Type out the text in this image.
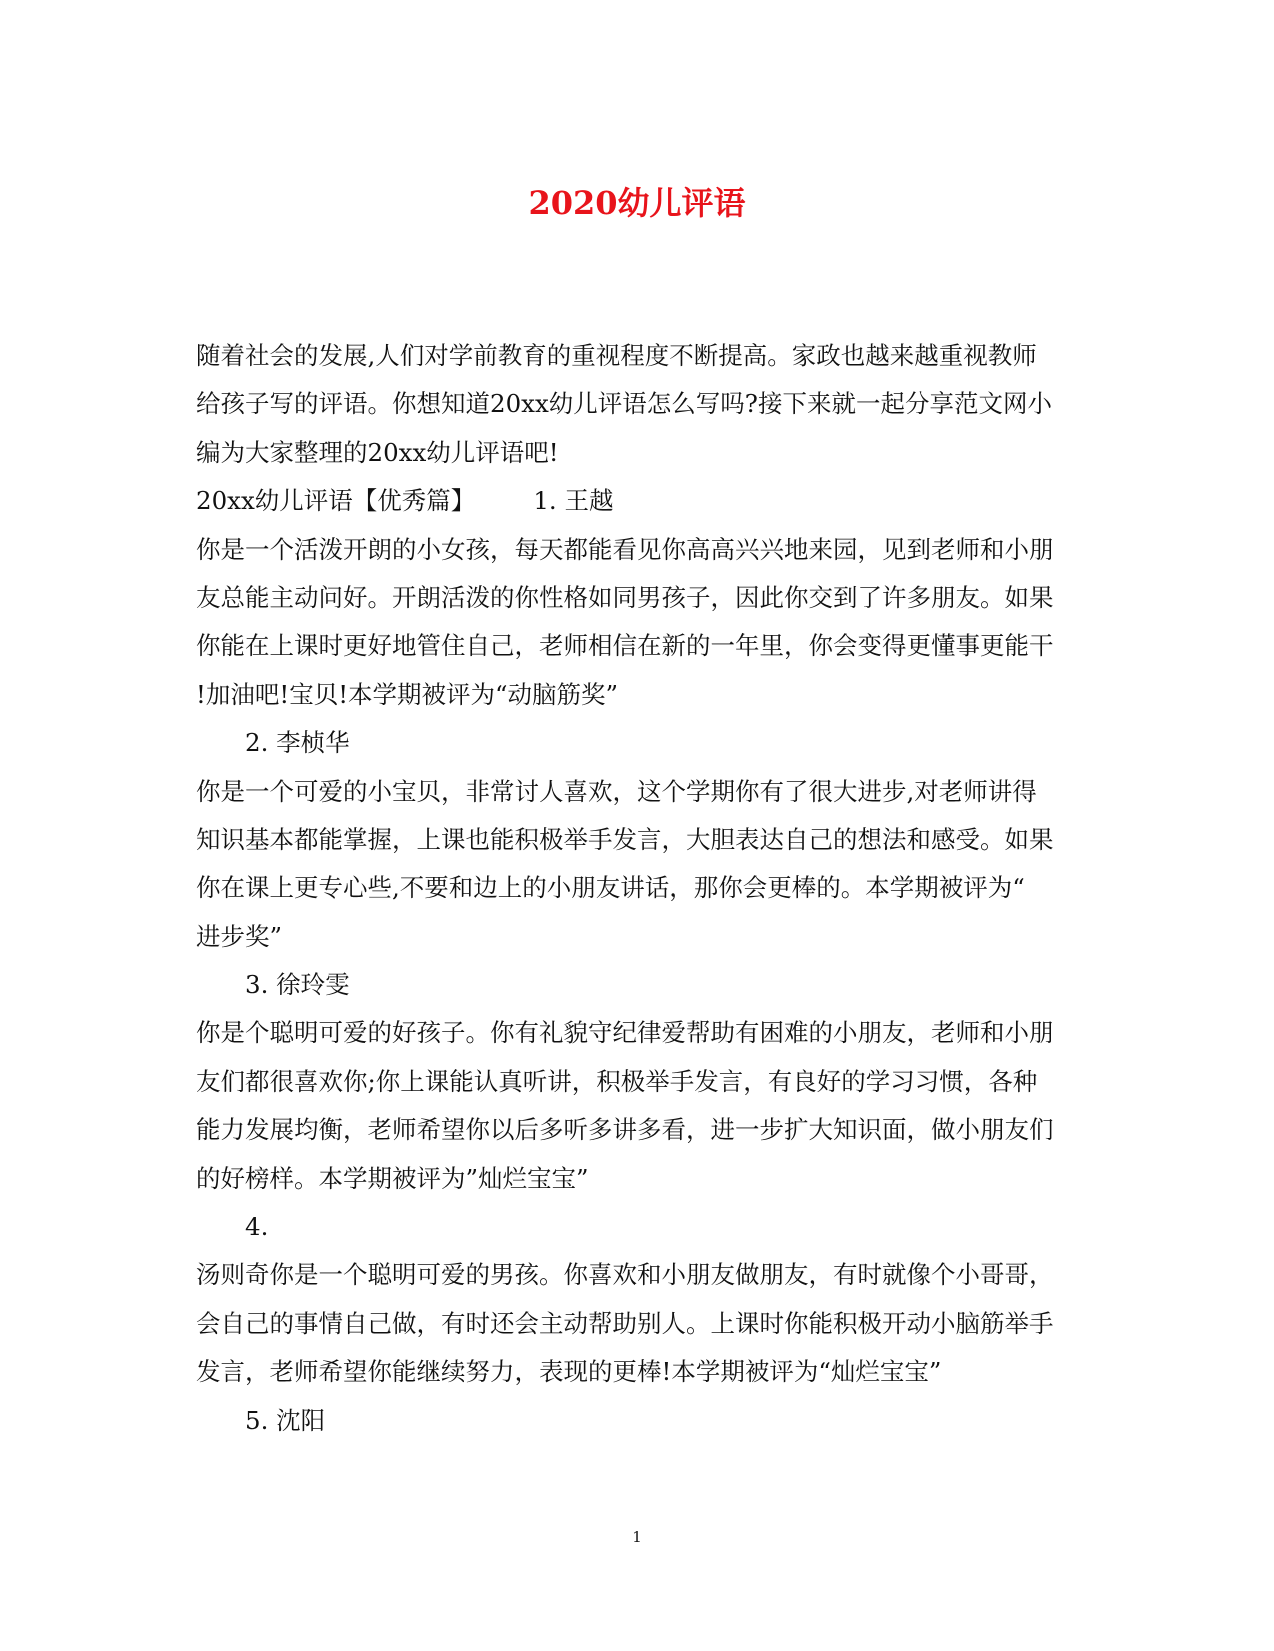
2020幼儿评语
随着社会的发展,人们对学前教育的重视程度不断提高。家政也越来越重视教师
给孩子写的评语。你想知道20xx幼儿评语怎么写吗?接下来就一起分享范文网小
编为大家整理的20xx幼儿评语吧!
20xx幼儿评语【优秀篇】 1. 王越
你是一个活泼开朗的小女孩，每天都能看见你高高兴兴地来园，见到老师和小朋
友总能主动问好。开朗活泼的你性格如同男孩子，因此你交到了许多朋友。如果
你能在上课时更好地管住自己，老师相信在新的一年里，你会变得更懂事更能干
!加油吧!宝贝!本学期被评为“动脑筋奖”
2. 李桢华
你是一个可爱的小宝贝，非常讨人喜欢，这个学期你有了很大进步,对老师讲得
知识基本都能掌握，上课也能积极举手发言，大胆表达自己的想法和感受。如果
你在课上更专心些,不要和边上的小朋友讲话，那你会更棒的。本学期被评为“
进步奖”
3. 徐玲雯
你是个聪明可爱的好孩子。你有礼貌守纪律爱帮助有困难的小朋友，老师和小朋
友们都很喜欢你;你上课能认真听讲，积极举手发言，有良好的学习习惯，各种
能力发展均衡，老师希望你以后多听多讲多看，进一步扩大知识面，做小朋友们
的好榜样。本学期被评为”灿烂宝宝”
4.
汤则奇你是一个聪明可爱的男孩。你喜欢和小朋友做朋友，有时就像个小哥哥，
会自己的事情自己做，有时还会主动帮助别人。上课时你能积极开动小脑筋举手
发言，老师希望你能继续努力，表现的更棒!本学期被评为“灿烂宝宝”
5. 沈阳
1
